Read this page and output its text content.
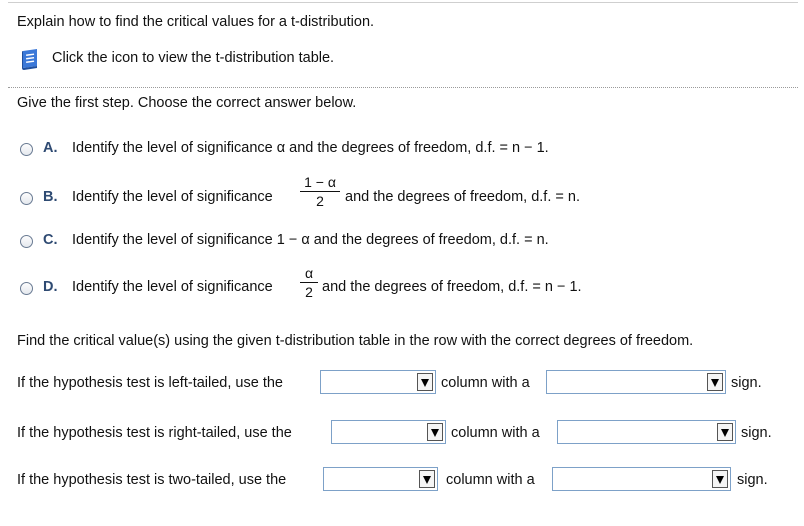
Explain how to find the critical values for a t-distribution.
Click the icon to view the t-distribution table.
Give the first step. Choose the correct answer below.
A. Identify the level of significance α and the degrees of freedom, d.f. = n − 1.
B. Identify the level of significance
1 − α
2	and the degrees of freedom, d.f. = n.
C. Identify the level of significance 1 − α and the degrees of freedom, d.f. = n.
D. Identify the level of significance
α
2 and the degrees of freedom, d.f. = n − 1.
Find the critical value(s) using the given t-distribution table in the row with the correct degrees of freedom.
If the hypothesis test is left-tailed, use the	column with a	sign.
If the hypothesis test is right-tailed, use the	column with a	sign.
If the hypothesis test is two-tailed, use the	column with a	sign.
